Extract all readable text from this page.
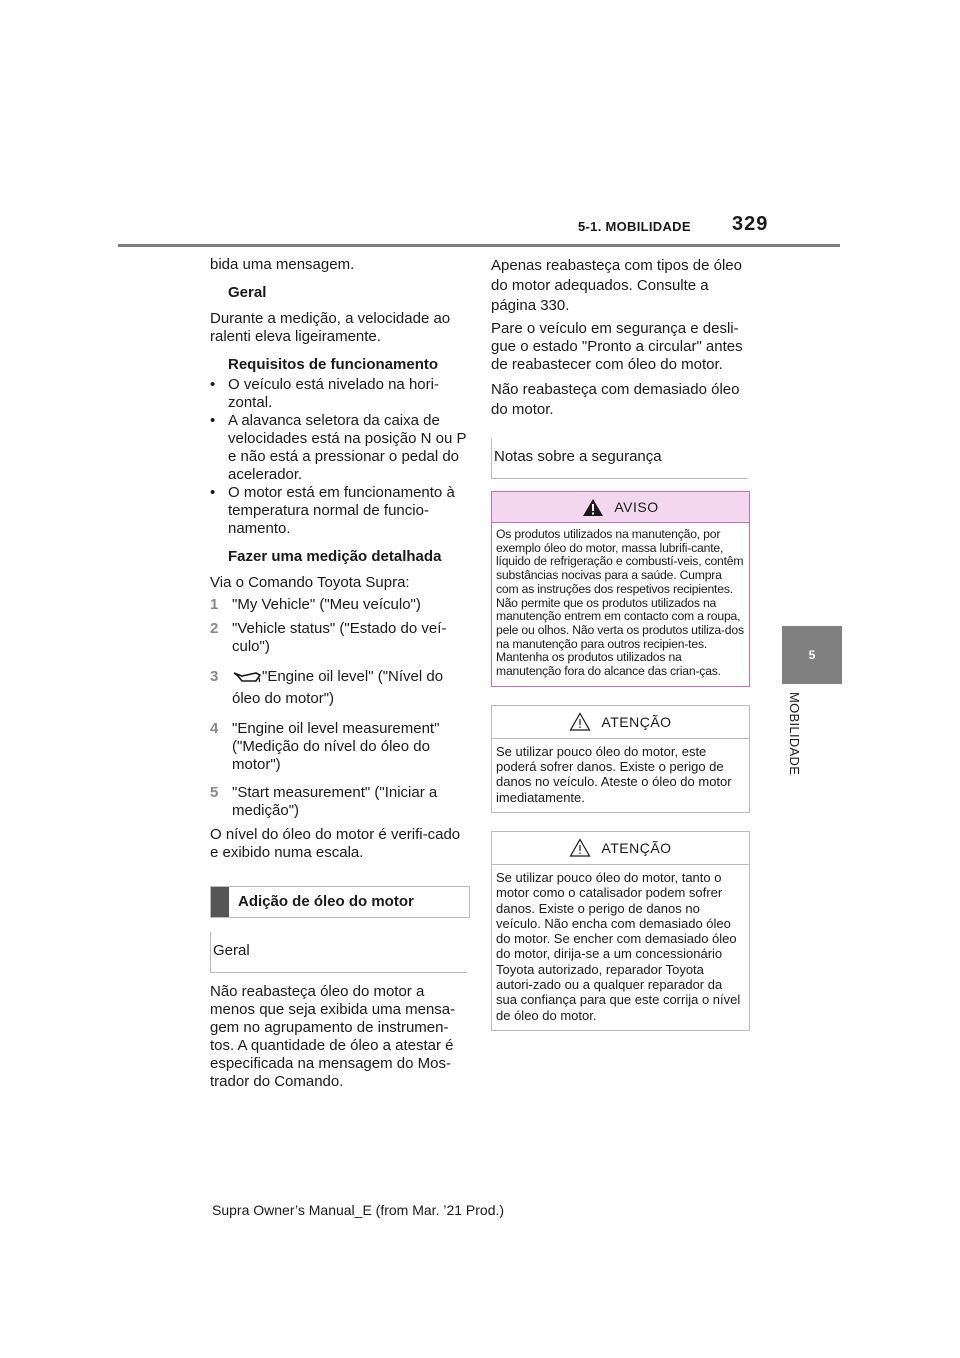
5-1. MOBILIDADE 329
5
MOBILIDADE

bida uma mensagem.

Geral

Durante a medição, a velocidade ao ralenti eleva ligeiramente.

Requisitos de funcionamento

• O veículo está nivelado na hori-zontal.

• A alavanca seletora da caixa de velocidades está na posição N ou P e não está a pressionar o pedal do acelerador.

• O motor está em funcionamento à temperatura normal de funcio-namento.

Fazer uma medição detalhada

Via o Comando Toyota Supra:

1 "My Vehicle" ("Meu veículo")

2 "Vehicle status" ("Estado do veí-culo")

3	"Engine oil level" ("Nível do óleo do motor")

4 "Engine oil level measurement" ("Medição do nível do óleo do motor")

5 "Start measurement" ("Iniciar a medição")

O nível do óleo do motor é verifi-cado e exibido numa escala.

Adição de óleo do motor
Geral

Não reabasteça óleo do motor a menos que seja exibida uma mensa-gem no agrupamento de instrumen-tos. A quantidade de óleo a atestar é especificada na mensagem do Mos-trador do Comando.

Apenas reabasteça com tipos de óleo do motor adequados. Consulte a página 330.

Pare o veículo em segurança e desli-gue o estado "Pronto a circular" antes de reabastecer com óleo do motor.

Não reabasteça com demasiado óleo do motor.

Notas sobre a segurança
AVISO
Os produtos utilizados na manutenção, por exemplo óleo do motor, massa lubrifi-cante, líquido de refrigeração e combustí-veis, contêm substâncias nocivas para a saúde. Cumpra com as instruções dos respetivos recipientes. Não permite que os produtos utilizados na manutenção entrem em contacto com a roupa, pele ou olhos. Não verta os produtos utiliza-dos na manutenção para outros recipien-tes. Mantenha os produtos utilizados na manutenção fora do alcance das crian-ças.
ATENÇÃO
Se utilizar pouco óleo do motor, este poderá sofrer danos. Existe o perigo de danos no veículo. Ateste o óleo do motor imediatamente.
ATENÇÃO
Se utilizar pouco óleo do motor, tanto o motor como o catalisador podem sofrer danos. Existe o perigo de danos no veículo. Não encha com demasiado óleo do motor. Se encher com demasiado óleo do motor, dirija-se a um concessionário Toyota autorizado, reparador Toyota autori-zado ou a qualquer reparador da sua confiança para que este corrija o nível de óleo do motor.
Supra Owner’s Manual_E (from Mar. ’21 Prod.)
